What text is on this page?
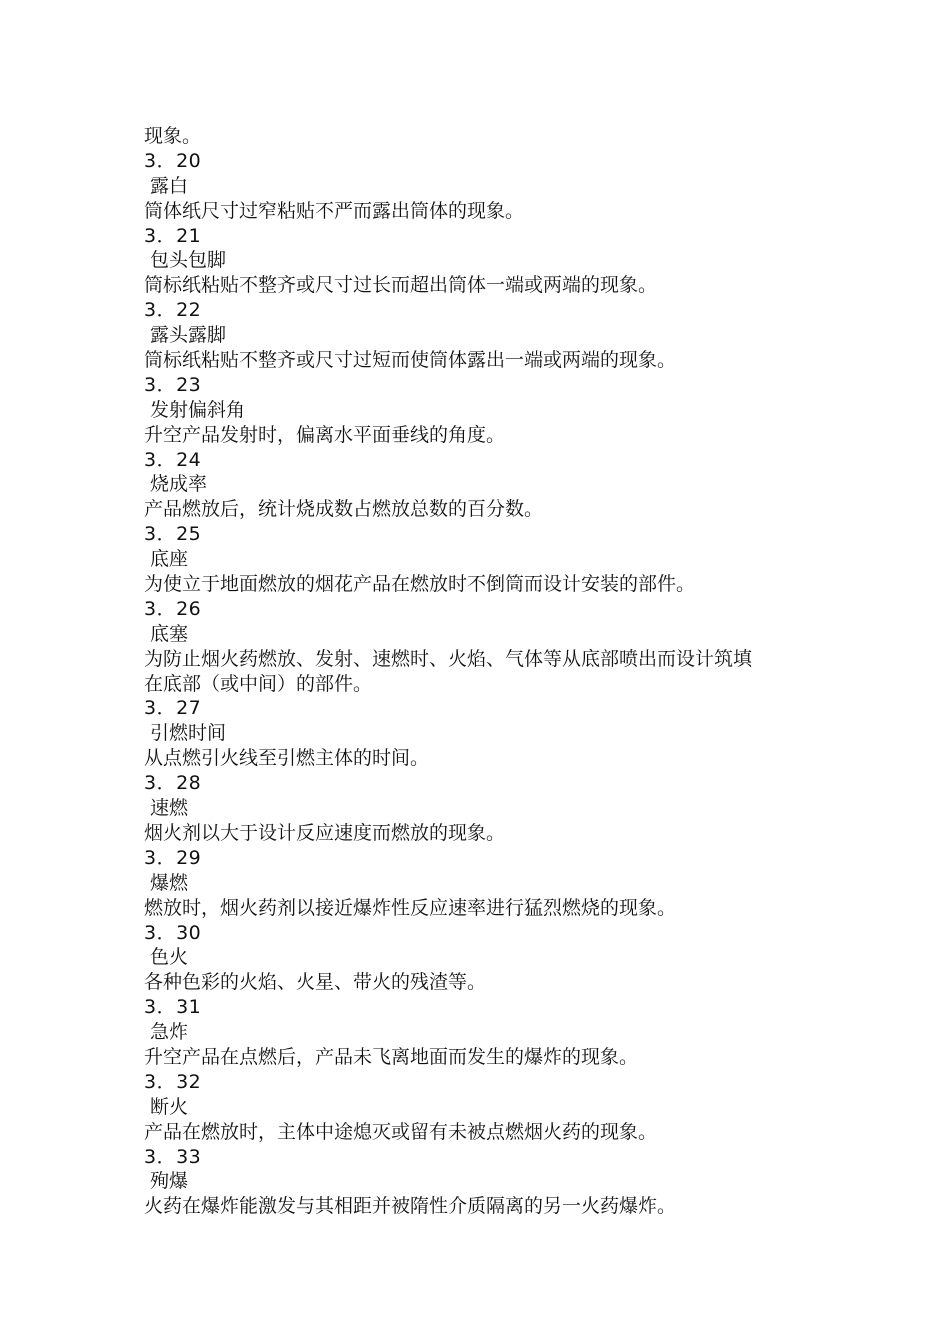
现象。

3．20

露白

筒体纸尺寸过窄粘贴不严而露出筒体的现象。

3．21

包头包脚

筒标纸粘贴不整齐或尺寸过长而超出筒体一端或两端的现象。

3．22

露头露脚

筒标纸粘贴不整齐或尺寸过短而使筒体露出一端或两端的现象。

3．23

发射偏斜角

升空产品发射时，偏离水平面垂线的角度。

3．24

烧成率

产品燃放后，统计烧成数占燃放总数的百分数。

3．25

底座

为使立于地面燃放的烟花产品在燃放时不倒筒而设计安装的部件。

3．26

底塞

为防止烟火药燃放、发射、速燃时、火焰、气体等从底部喷出而设计筑填

在底部（或中间）的部件。

3．27

引燃时间

从点燃引火线至引燃主体的时间。

3．28

速燃

烟火剂以大于设计反应速度而燃放的现象。

3．29

爆燃

燃放时，烟火药剂以接近爆炸性反应速率进行猛烈燃烧的现象。

3．30

色火

各种色彩的火焰、火星、带火的残渣等。

3．31

急炸

升空产品在点燃后，产品未飞离地面而发生的爆炸的现象。

3．32

断火

产品在燃放时，主体中途熄灭或留有未被点燃烟火药的现象。

3．33

殉爆

火药在爆炸能激发与其相距并被隋性介质隔离的另一火药爆炸。
